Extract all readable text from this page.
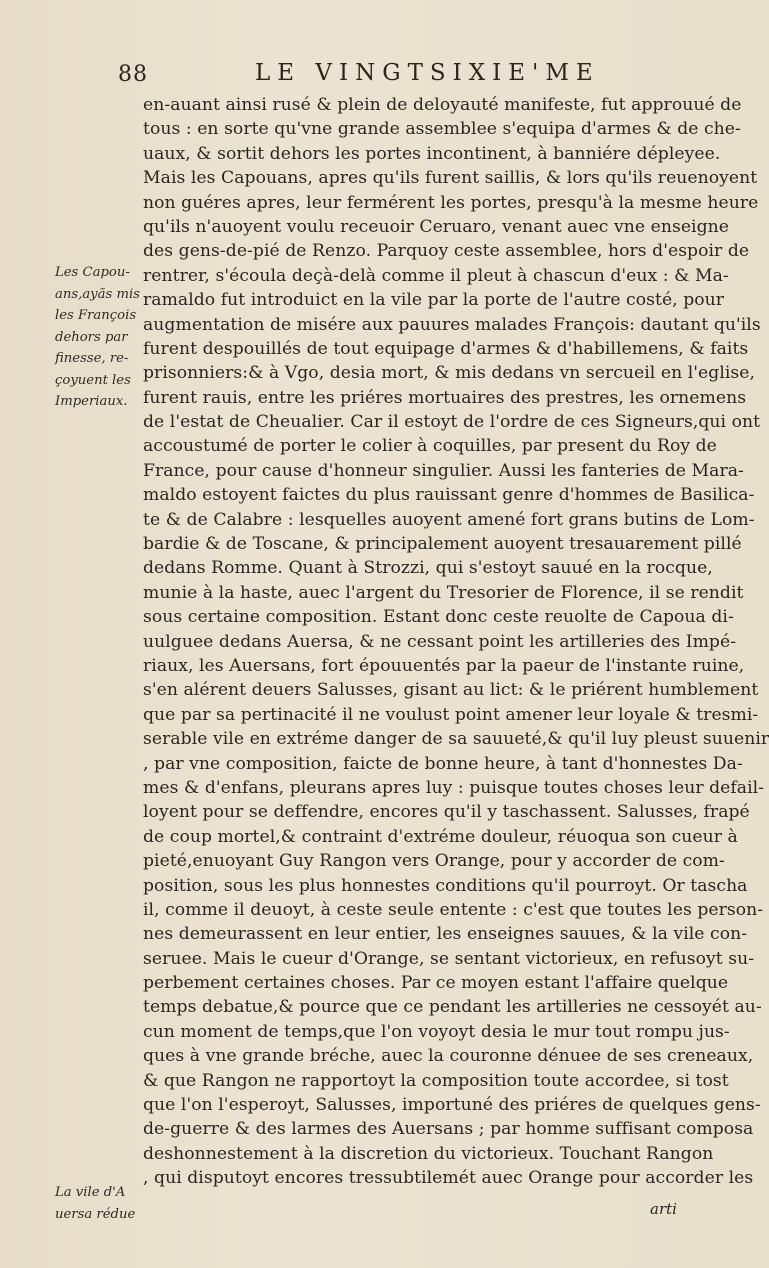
88	LE VINGTSIXIE'ME
en-auant ainsi rusé & plein de deloyauté manifeste, fut approuué de
tous : en sorte qu'vne grande assemblee s'equipa d'armes & de che-
uaux, & sortit dehors les portes incontinent, à banniére dépleyee.
Mais les Capouans, apres qu'ils furent saillis, & lors qu'ils reuenoyent
non guéres apres, leur fermérent les portes, presqu'à la mesme heure
qu'ils n'auoyent voulu receuoir Ceruaro, venant auec vne enseigne
des gens-de-pié de Renzo. Parquoy ceste assemblee, hors d'espoir de
rentrer, s'écoula deçà-delà comme il pleut à chascun d'eux : & Ma-
ramaldo fut introduict en la vile par la porte de l'autre costé, pour
augmentation de misére aux pauures malades François: dautant qu'ils
furent despouillés de tout equipage d'armes & d'habillemens, & faits
prisonniers:& à Vgo, desia mort, & mis dedans vn sercueil en l'eglise,
furent rauis, entre les priéres mortuaires des prestres, les ornemens
de l'estat de Cheualier. Car il estoyt de l'ordre de ces Signeurs,qui ont
accoustumé de porter le colier à coquilles, par present du Roy de
France, pour cause d'honneur singulier. Aussi les fanteries de Mara-
maldo estoyent faictes du plus rauissant genre d'hommes de Basilica-
te & de Calabre : lesquelles auoyent amené fort grans butins de Lom-
bardie & de Toscane, & principalement auoyent tresauarement pillé
dedans Romme. Quant à Strozzi, qui s'estoyt sauué en la rocque,
munie à la haste, auec l'argent du Tresorier de Florence, il se rendit
sous certaine composition. Estant donc ceste reuolte de Capoua di-
uulguee dedans Auersa, & ne cessant point les artilleries des Impé-
riaux, les Auersans, fort épouuentés par la paeur de l'instante ruine,
s'en alérent deuers Salusses, gisant au lict: & le priérent humblement
que par sa pertinacité il ne voulust point amener leur loyale & tresmi-
serable vile en extréme danger de sa sauueté,& qu'il luy pleust suuenir
, par vne composition, faicte de bonne heure, à tant d'honnestes Da-
mes & d'enfans, pleurans apres luy : puisque toutes choses leur defail-
loyent pour se deffendre, encores qu'il y taschassent. Salusses, frapé
de coup mortel,& contraint d'extréme douleur, réuoqua son cueur à
pieté,enuoyant Guy Rangon vers Orange, pour y accorder de com-
position, sous les plus honnestes conditions qu'il pourroyt. Or tascha
il, comme il deuoyt, à ceste seule entente : c'est que toutes les person-
nes demeurassent en leur entier, les enseignes sauues, & la vile con-
seruee. Mais le cueur d'Orange, se sentant victorieux, en refusoyt su-
perbement certaines choses. Par ce moyen estant l'affaire quelque
temps debatue,& pource que ce pendant les artilleries ne cessoyét au-
cun moment de temps,que l'on voyoyt desia le mur tout rompu jus-
ques à vne grande bréche, auec la couronne dénuee de ses creneaux,
& que Rangon ne rapportoyt la composition toute accordee, si tost
que l'on l'esperoyt, Salusses, importuné des priéres de quelques gens-
de-guerre & des larmes des Auersans ; par homme suffisant composa
deshonnestement à la discretion du victorieux. Touchant Rangon
, qui disputoyt encores tressubtilemét auec Orange pour accorder les
Les Capou-
ans,ayãs mis
les François
dehors par
finesse, re-
çoyuent les
Imperiaux.
La vile d'A
uersa rédue	arti
